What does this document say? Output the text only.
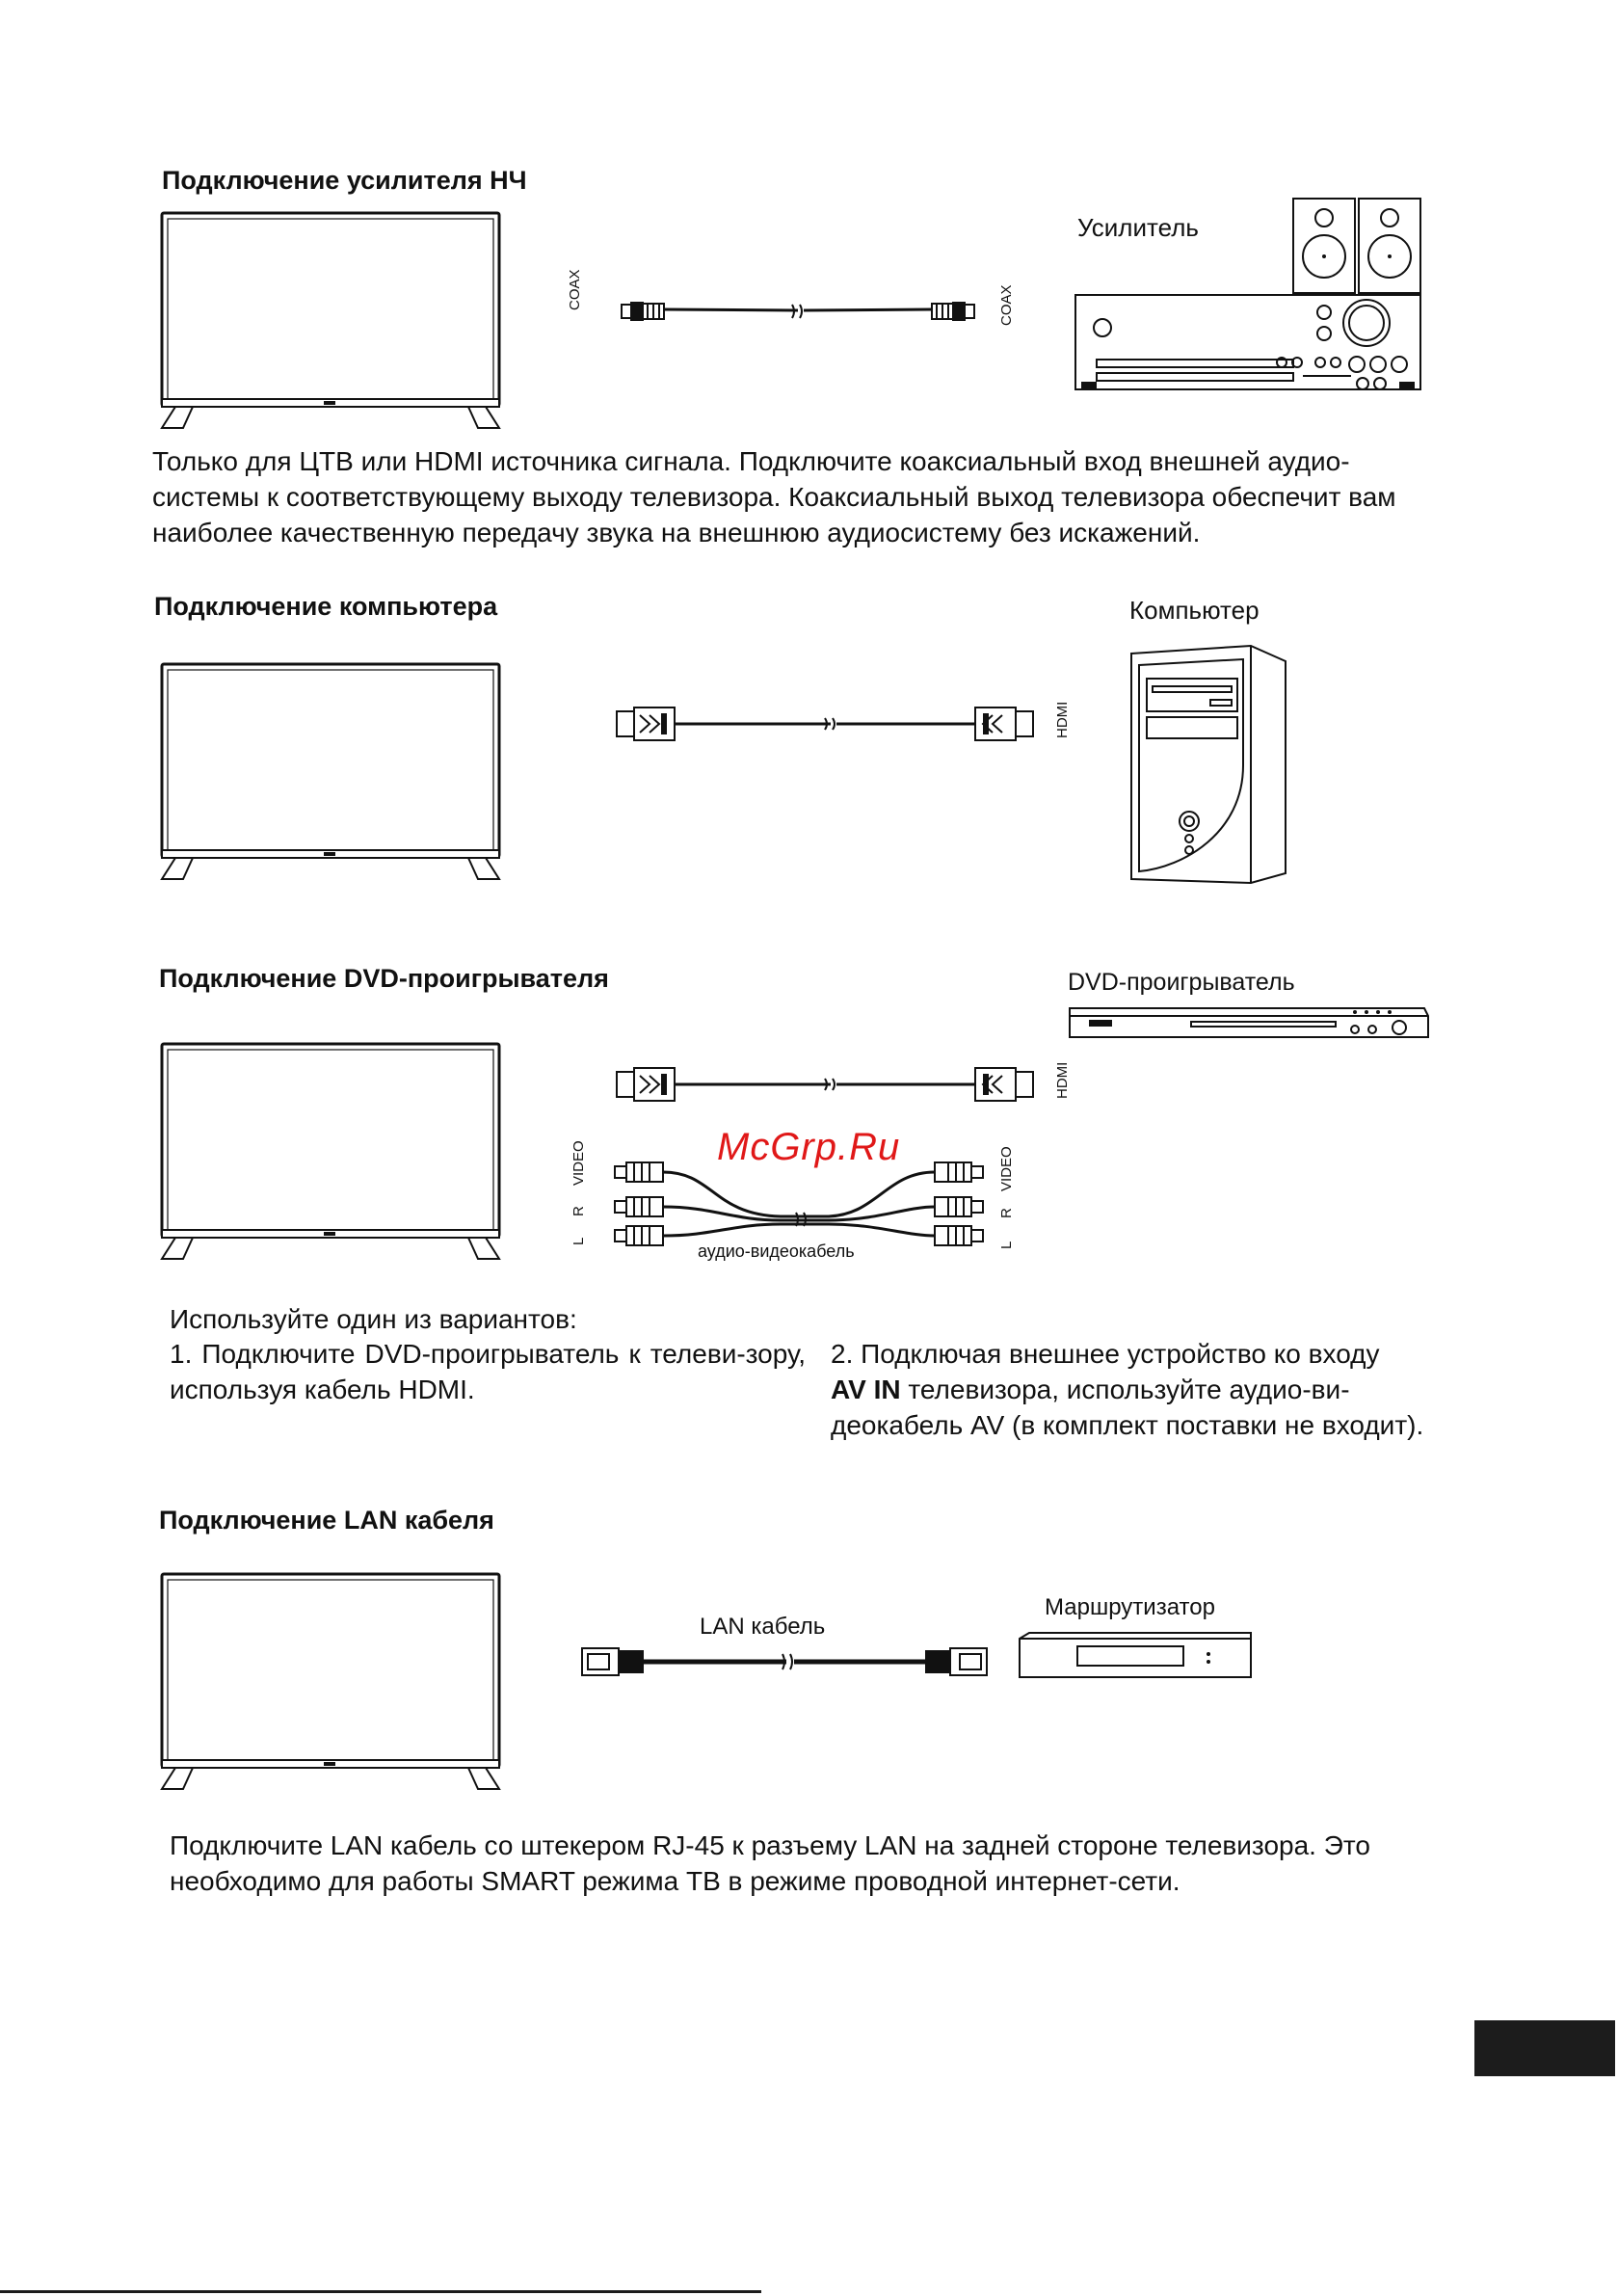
Подключение усилителя НЧ
COAX	COAX
Усилитель
Только для ЦТВ или HDMI источника сигнала. Подключите коаксиальный вход внешней аудио-системы к соответствующему выходу телевизора. Коаксиальный выход телевизора обеспечит вам наиболее качественную передачу звука на внешнюю аудиосистему без искажений.
Подключение компьютера
HDMI
Компьютер
Подключение DVD-проигрывателя	DVD-проигрыватель
HDMI
McGrp.Ru
VIDEO
R
L
VIDEO
R
L
аудио-видеокабель
Используйте один из вариантов:
1. Подключите DVD-проигрыватель к телеви-зору, используя кабель HDMI.
2. Подключая внешнее устройство ко входу
AV IN телевизора, используйте аудио-ви-деокабель AV (в комплект поставки не входит).
Подключение LAN кабеля
LAN кабель
Маршрутизатор
Подключите LAN кабель со штекером RJ-45 к разъему LAN на задней стороне телевизора. Это необходимо для работы SMART режима ТВ в режиме проводной интернет-сети.
